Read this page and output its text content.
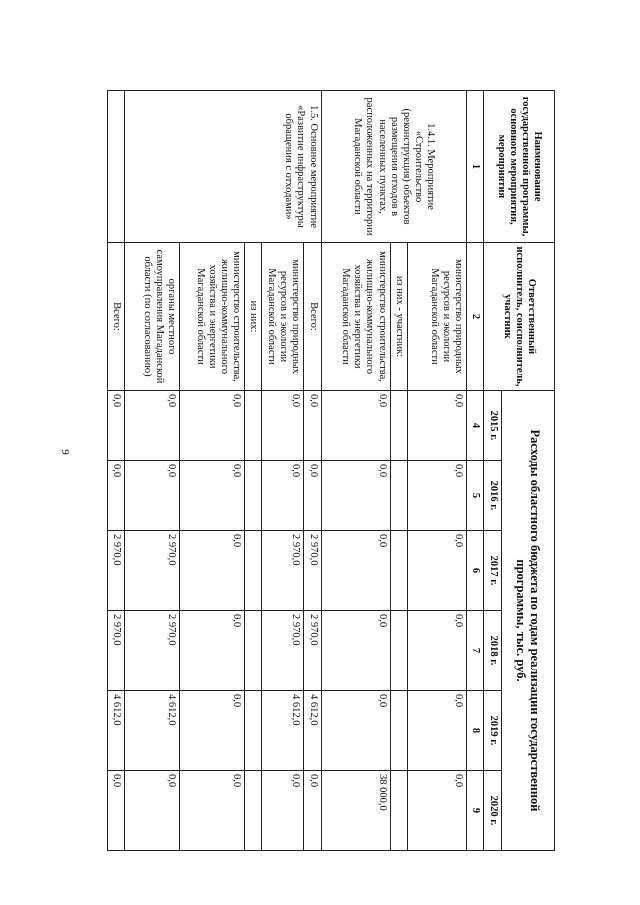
9
Наименование государственной программы, основного мероприятия, мероприятия	Ответственный исполнитель, соисполнитель, участник	Расходы областного бюджета по годам реализации государственной программы, тыс. руб.					
		2015 г.	2016 г.	2017 г.	2018 г.	2019 г.	2020 г.
1	2	4	5	6	7	8	9
1.4.1. Мероприятие «Строительство (реконструкция) объектов размещения отходов в населенных пунктах, расположенных на территории Магаданской области	министерство природных ресурсов и экологии Магаданской области	0,0	0,0	0,0	0,0	0,0	0,0
	из них - участник:						
	министерство строительства, жилищно-коммунального хозяйства и энергетики Магаданской области	0,0	0,0	0,0	0,0	0,0	38 000,0
1.5. Основное мероприятие «Развитие инфраструктуры обращения с отходами»	Всего:	0,0	0,0	2 970,0	2 970,0	4 612,0	0,0
	министерство природных ресурсов и экологии Магаданской области	0,0	0,0	2 970,0	2 970,0	4 612,0	0,0
	из них:						
	министерство строительства, жилищно-коммунального хозяйства и энергетики Магаданской области	0,0	0,0	0,0	0,0	0,0	0,0
	органы местного самоуправления Магаданской области (по согласованию)	0,0	0,0	2 970,0	2 970,0	4 612,0	0,0
	Всего:	0,0	0,0	2 970,0	2 970,0	4 612,0	0,0
